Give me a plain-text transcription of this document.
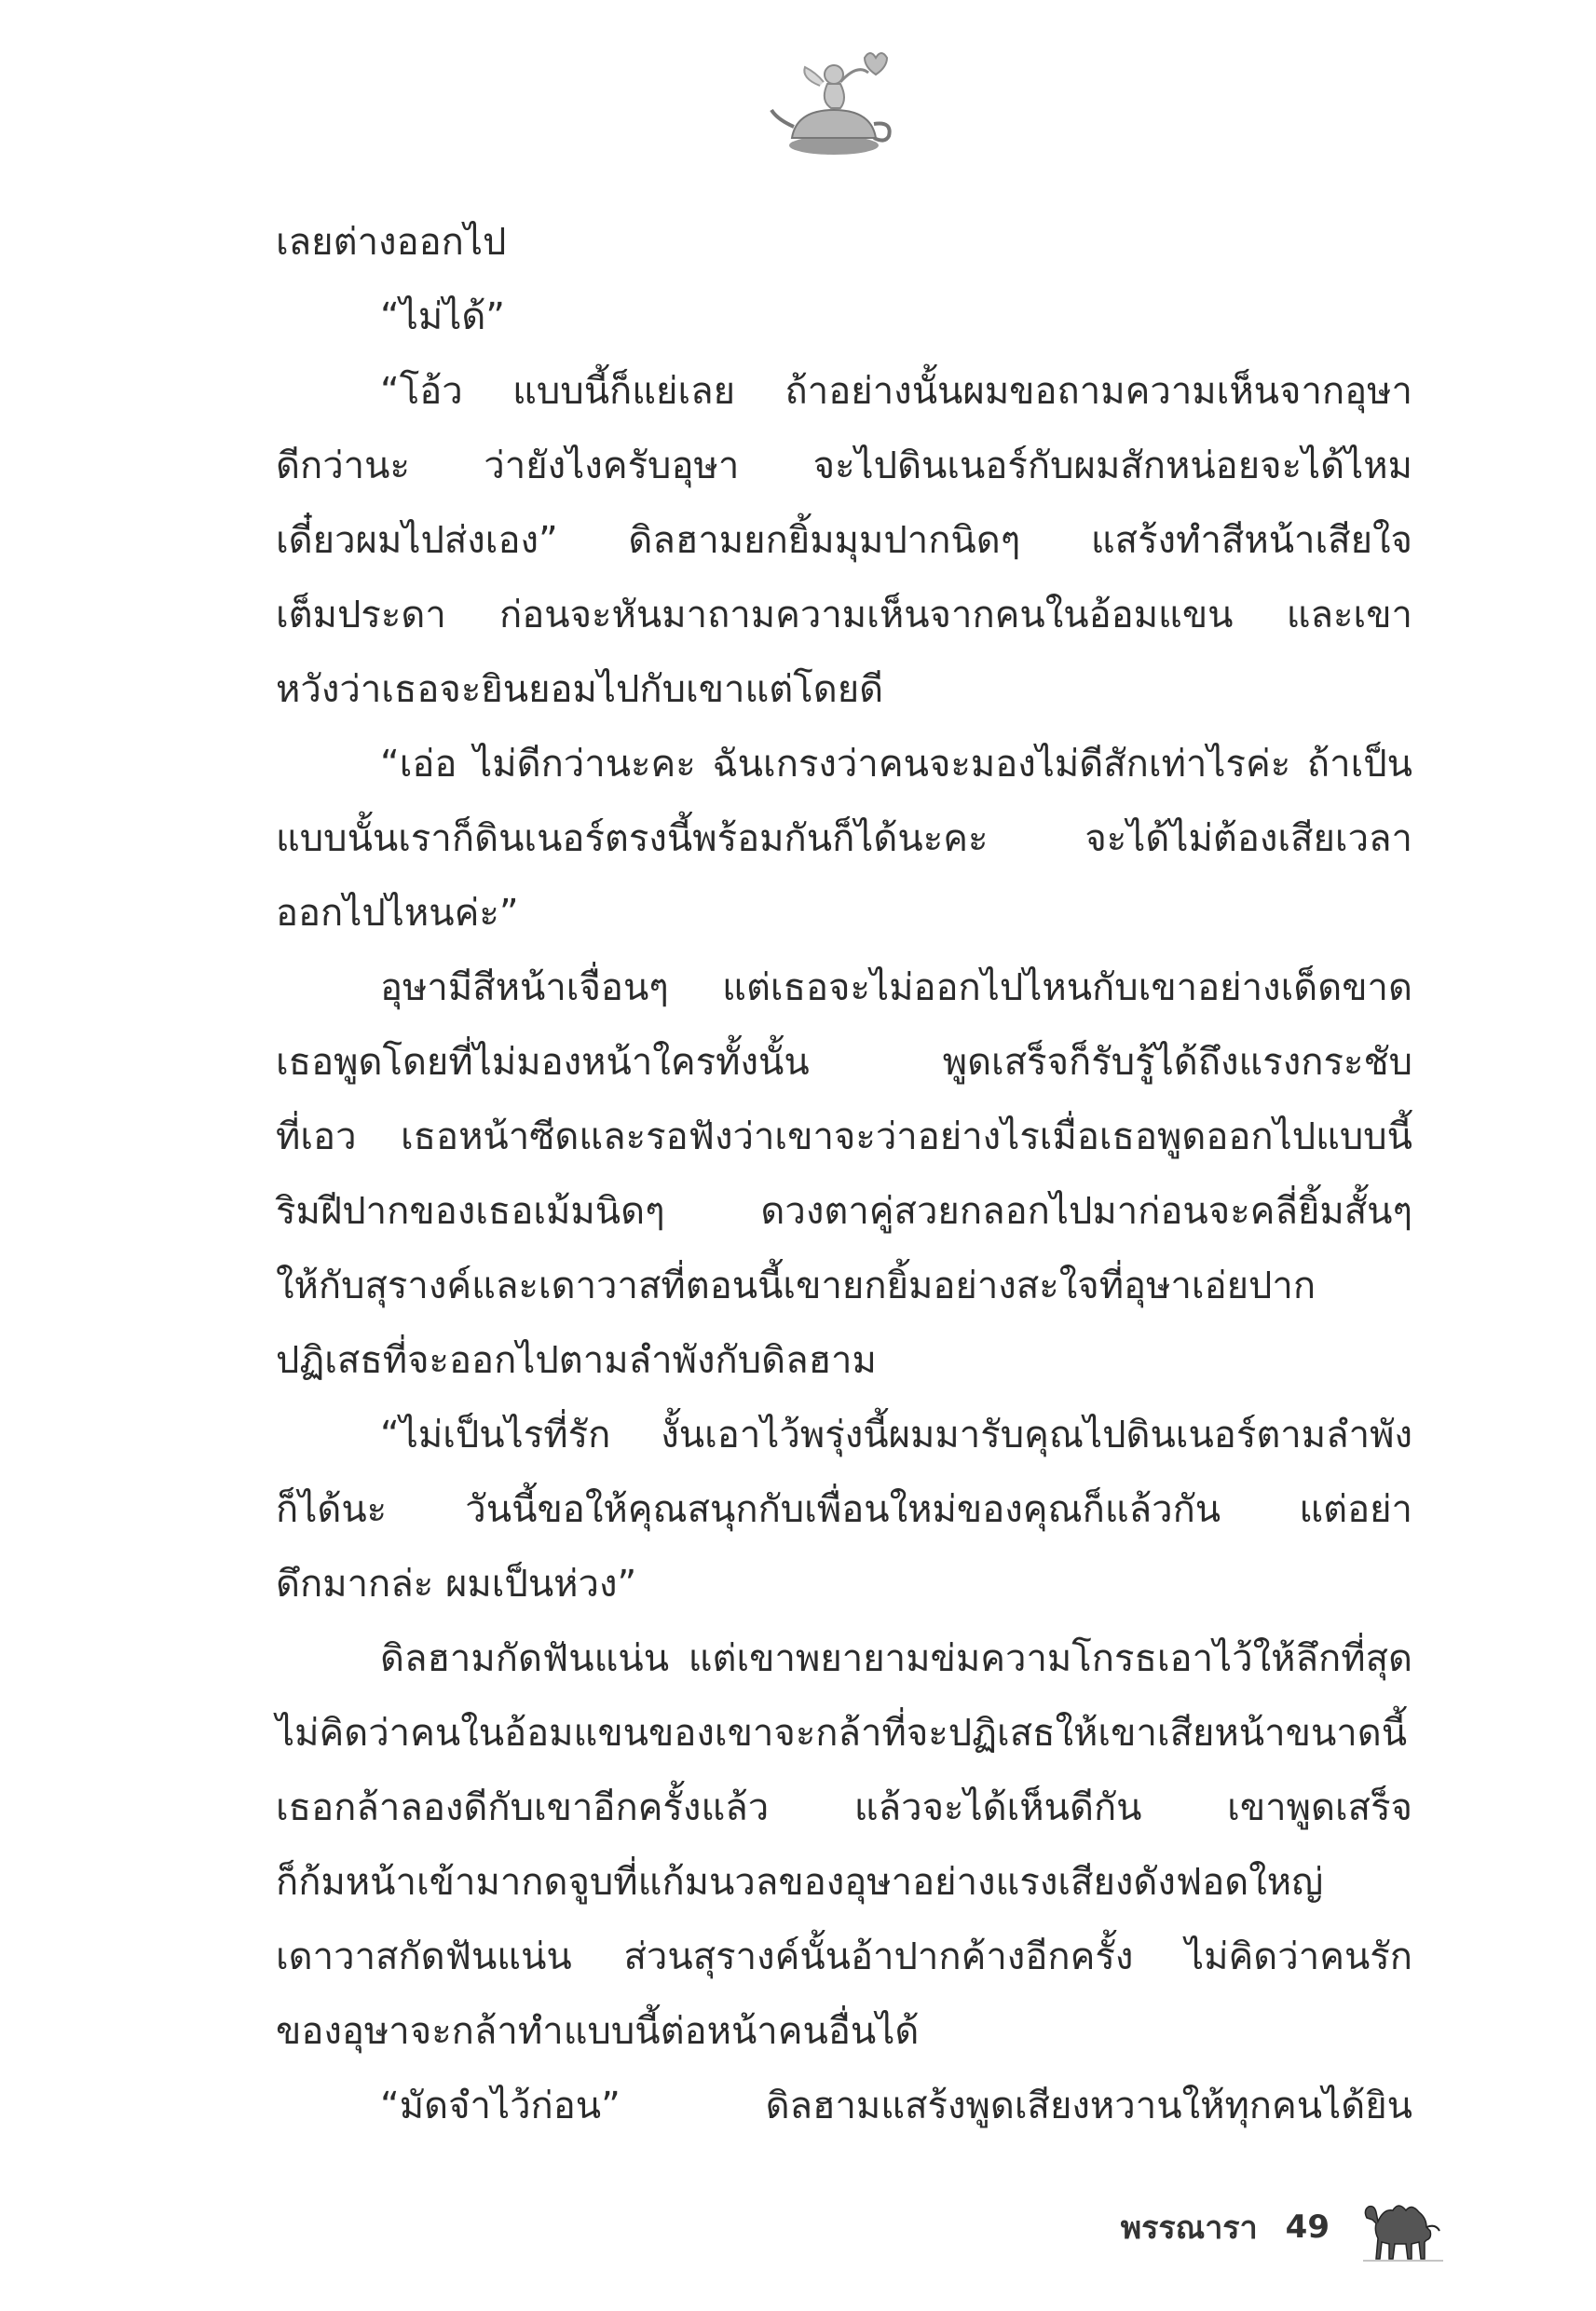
เลยต่างออกไป
“ไม่ได้”
“โอ้ว แบบนี้ก็แย่เลย ถ้าอย่างนั้นผมขอถามความเห็นจากอุษา
ดีกว่านะ ว่ายังไงครับอุษา จะไปดินเนอร์กับผมสักหน่อยจะได้ไหม
เดี๋ยวผมไปส่งเอง” ดิลฮามยกยิ้มมุมปากนิดๆ แสร้งทำสีหน้าเสียใจ
เต็มประดา ก่อนจะหันมาถามความเห็นจากคนในอ้อมแขน และเขา
หวังว่าเธอจะยินยอมไปกับเขาแต่โดยดี
“เอ่อ ไม่ดีกว่านะคะ ฉันเกรงว่าคนจะมองไม่ดีสักเท่าไรค่ะ ถ้าเป็น
แบบนั้นเราก็ดินเนอร์ตรงนี้พร้อมกันก็ได้นะคะ จะได้ไม่ต้องเสียเวลา
ออกไปไหนค่ะ”
อุษามีสีหน้าเจื่อนๆ แต่เธอจะไม่ออกไปไหนกับเขาอย่างเด็ดขาด
เธอพูดโดยที่ไม่มองหน้าใครทั้งนั้น พูดเสร็จก็รับรู้ได้ถึงแรงกระชับ
ที่เอว เธอหน้าซีดและรอฟังว่าเขาจะว่าอย่างไรเมื่อเธอพูดออกไปแบบนี้
ริมฝีปากของเธอเม้มนิดๆ ดวงตาคู่สวยกลอกไปมาก่อนจะคลี่ยิ้มสั้นๆ
ให้กับสุรางค์และเดาวาสที่ตอนนี้เขายกยิ้มอย่างสะใจที่อุษาเอ่ยปาก
ปฏิเสธที่จะออกไปตามลำพังกับดิลฮาม
“ไม่เป็นไรที่รัก งั้นเอาไว้พรุ่งนี้ผมมารับคุณไปดินเนอร์ตามลำพัง
ก็ได้นะ วันนี้ขอให้คุณสนุกกับเพื่อนใหม่ของคุณก็แล้วกัน แต่อย่า
ดึกมากล่ะ ผมเป็นห่วง”
ดิลฮามกัดฟันแน่น แต่เขาพยายามข่มความโกรธเอาไว้ให้ลึกที่สุด
ไม่คิดว่าคนในอ้อมแขนของเขาจะกล้าที่จะปฏิเสธให้เขาเสียหน้าขนาดนี้
เธอกล้าลองดีกับเขาอีกครั้งแล้ว แล้วจะได้เห็นดีกัน เขาพูดเสร็จ
ก็ก้มหน้าเข้ามากดจูบที่แก้มนวลของอุษาอย่างแรงเสียงดังฟอดใหญ่
เดาวาสกัดฟันแน่น ส่วนสุรางค์นั้นอ้าปากค้างอีกครั้ง ไม่คิดว่าคนรัก
ของอุษาจะกล้าทำแบบนี้ต่อหน้าคนอื่นได้
“มัดจำไว้ก่อน” ดิลฮามแสร้งพูดเสียงหวานให้ทุกคนได้ยิน
พรรณารา 49
